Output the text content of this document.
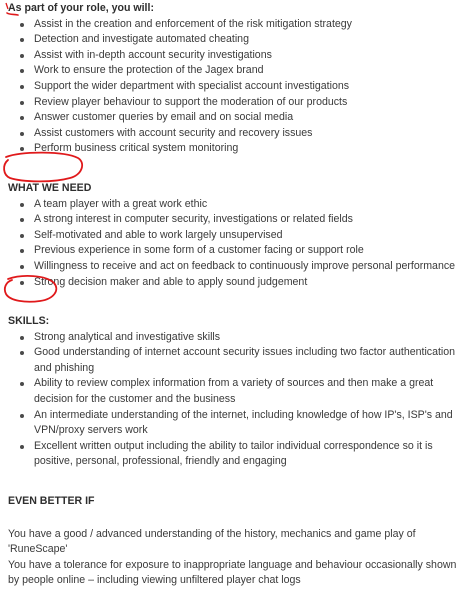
As part of your role, you will:

Assist in the creation and enforcement of the risk mitigation strategy
Detection and investigate automated cheating
Assist with in-depth account security investigations
Work to ensure the protection of the Jagex brand
Support the wider department with specialist account investigations
Review player behaviour to support the moderation of our products
Answer customer queries by email and on social media
Assist customers with account security and recovery issues
Perform business critical system monitoring

WHAT WE NEED

A team player with a great work ethic
A strong interest in computer security, investigations or related fields
Self-motivated and able to work largely unsupervised
Previous experience in some form of a customer facing or support role
Willingness to receive and act on feedback to continuously improve personal performance
Strong decision maker and able to apply sound judgement

SKILLS:

Strong analytical and investigative skills
Good understanding of internet account security issues including two factor authentication and phishing
Ability to review complex information from a variety of sources and then make a great decision for the customer and the business
An intermediate understanding of the internet, including knowledge of how IP's, ISP's and VPN/proxy servers work
Excellent written output including the ability to tailor individual correspondence so it is positive, personal, professional, friendly and engaging

EVEN BETTER IF

You have a good / advanced understanding of the history, mechanics and game play of 'RuneScape'

You have a tolerance for exposure to inappropriate language and behaviour occasionally shown by people online – including viewing unfiltered player chat logs
